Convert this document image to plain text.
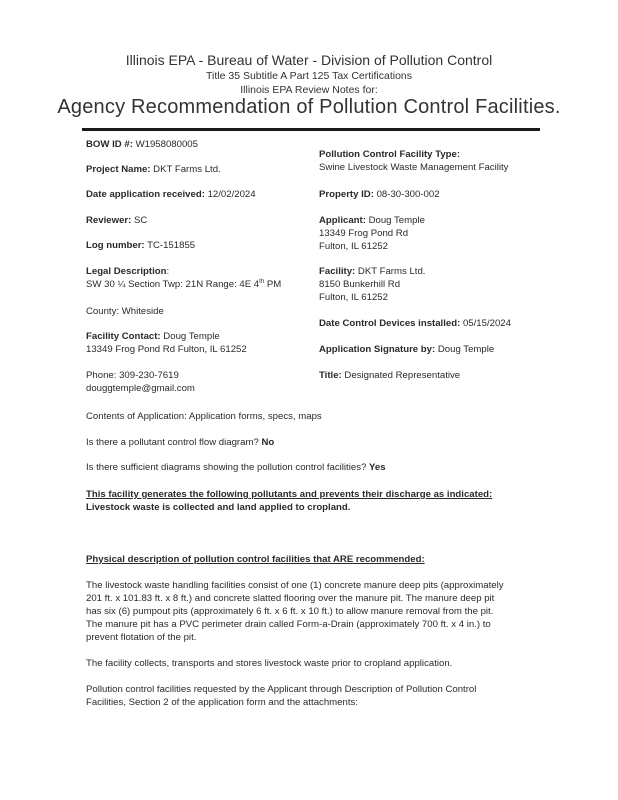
Illinois EPA - Bureau of Water - Division of Pollution Control
Title 35 Subtitle A Part 125 Tax Certifications
Illinois EPA Review Notes for:
Agency Recommendation of Pollution Control Facilities.
BOW ID #: W1958080005
Project Name: DKT Farms Ltd.
Date application received: 12/02/2024
Reviewer: SC
Log number: TC-151855
Legal Description:
SW 30 ¼ Section Twp: 21N Range: 4E 4th PM
County: Whiteside
Facility Contact: Doug Temple
13349 Frog Pond Rd Fulton, IL 61252
Phone: 309-230-7619
douggtemple@gmail.com
Pollution Control Facility Type:
Swine Livestock Waste Management Facility
Property ID: 08-30-300-002
Applicant: Doug Temple
13349 Frog Pond Rd
Fulton, IL 61252
Facility: DKT Farms Ltd.
8150 Bunkerhill Rd
Fulton, IL 61252
Date Control Devices installed: 05/15/2024
Application Signature by: Doug Temple
Title: Designated Representative
Contents of Application: Application forms, specs, maps
Is there a pollutant control flow diagram? No
Is there sufficient diagrams showing the pollution control facilities? Yes
This facility generates the following pollutants and prevents their discharge as indicated:
Livestock waste is collected and land applied to cropland.
Physical description of pollution control facilities that ARE recommended:
The livestock waste handling facilities consist of one (1) concrete manure deep pits (approximately
201 ft. x 101.83 ft. x 8 ft.) and concrete slatted flooring over the manure pit. The manure deep pit
has six (6) pumpout pits (approximately 6 ft. x 6 ft. x 10 ft.) to allow manure removal from the pit.
The manure pit has a PVC perimeter drain called Form-a-Drain (approximately 700 ft. x 4 in.) to
prevent flotation of the pit.
The facility collects, transports and stores livestock waste prior to cropland application.
Pollution control facilities requested by the Applicant through Description of Pollution Control
Facilities, Section 2 of the application form and the attachments:
